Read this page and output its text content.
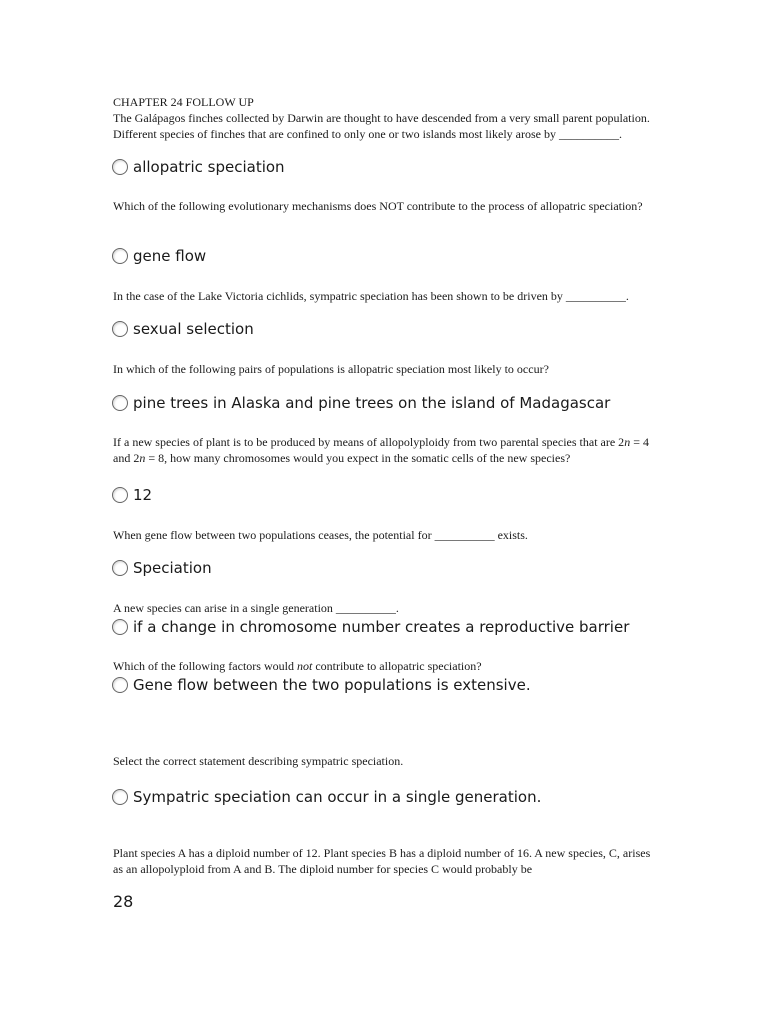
CHAPTER 24 FOLLOW UP
The Galápagos finches collected by Darwin are thought to have descended from a very small parent population. Different species of finches that are confined to only one or two islands most likely arose by __________.
allopatric speciation
Which of the following evolutionary mechanisms does NOT contribute to the process of allopatric speciation?
gene flow
In the case of the Lake Victoria cichlids, sympatric speciation has been shown to be driven by __________.
sexual selection
In which of the following pairs of populations is allopatric speciation most likely to occur?
pine trees in Alaska and pine trees on the island of Madagascar
If a new species of plant is to be produced by means of allopolyploidy from two parental species that are 2n = 4 and 2n = 8, how many chromosomes would you expect in the somatic cells of the new species?
12
When gene flow between two populations ceases, the potential for __________ exists.
Speciation
A new species can arise in a single generation __________.
if a change in chromosome number creates a reproductive barrier
Which of the following factors would not contribute to allopatric speciation?
Gene flow between the two populations is extensive.
Select the correct statement describing sympatric speciation.
Sympatric speciation can occur in a single generation.
Plant species A has a diploid number of 12. Plant species B has a diploid number of 16. A new species, C, arises as an allopolyploid from A and B. The diploid number for species C would probably be
28
